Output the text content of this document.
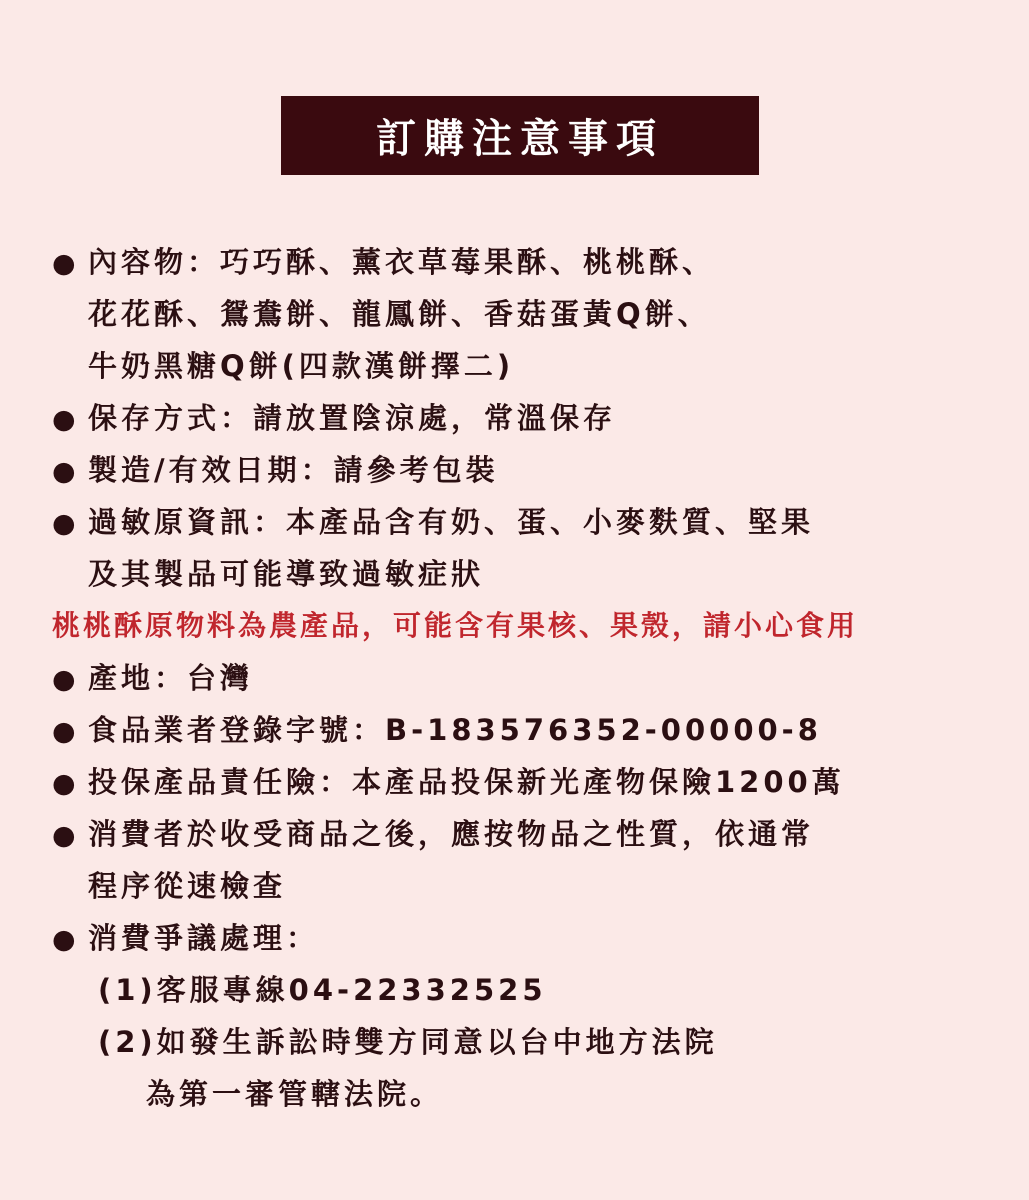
訂購注意事項
● 內容物：巧巧酥、薰衣草莓果酥、桃桃酥、
花花酥、鴛鴦餅、龍鳳餅、香菇蛋黃Q餅、
牛奶黑糖Q餅(四款漢餅擇二)
● 保存方式：請放置陰涼處，常溫保存
● 製造/有效日期：請參考包裝
● 過敏原資訊：本產品含有奶、蛋、小麥麩質、堅果
及其製品可能導致過敏症狀
桃桃酥原物料為農產品，可能含有果核、果殼，請小心食用
● 產地：台灣
● 食品業者登錄字號：B-183576352-00000-8
● 投保產品責任險：本產品投保新光產物保險1200萬
● 消費者於收受商品之後，應按物品之性質，依通常
程序從速檢查
● 消費爭議處理：
(1)客服專線04-22332525
(2)如發生訴訟時雙方同意以台中地方法院
為第一審管轄法院。
